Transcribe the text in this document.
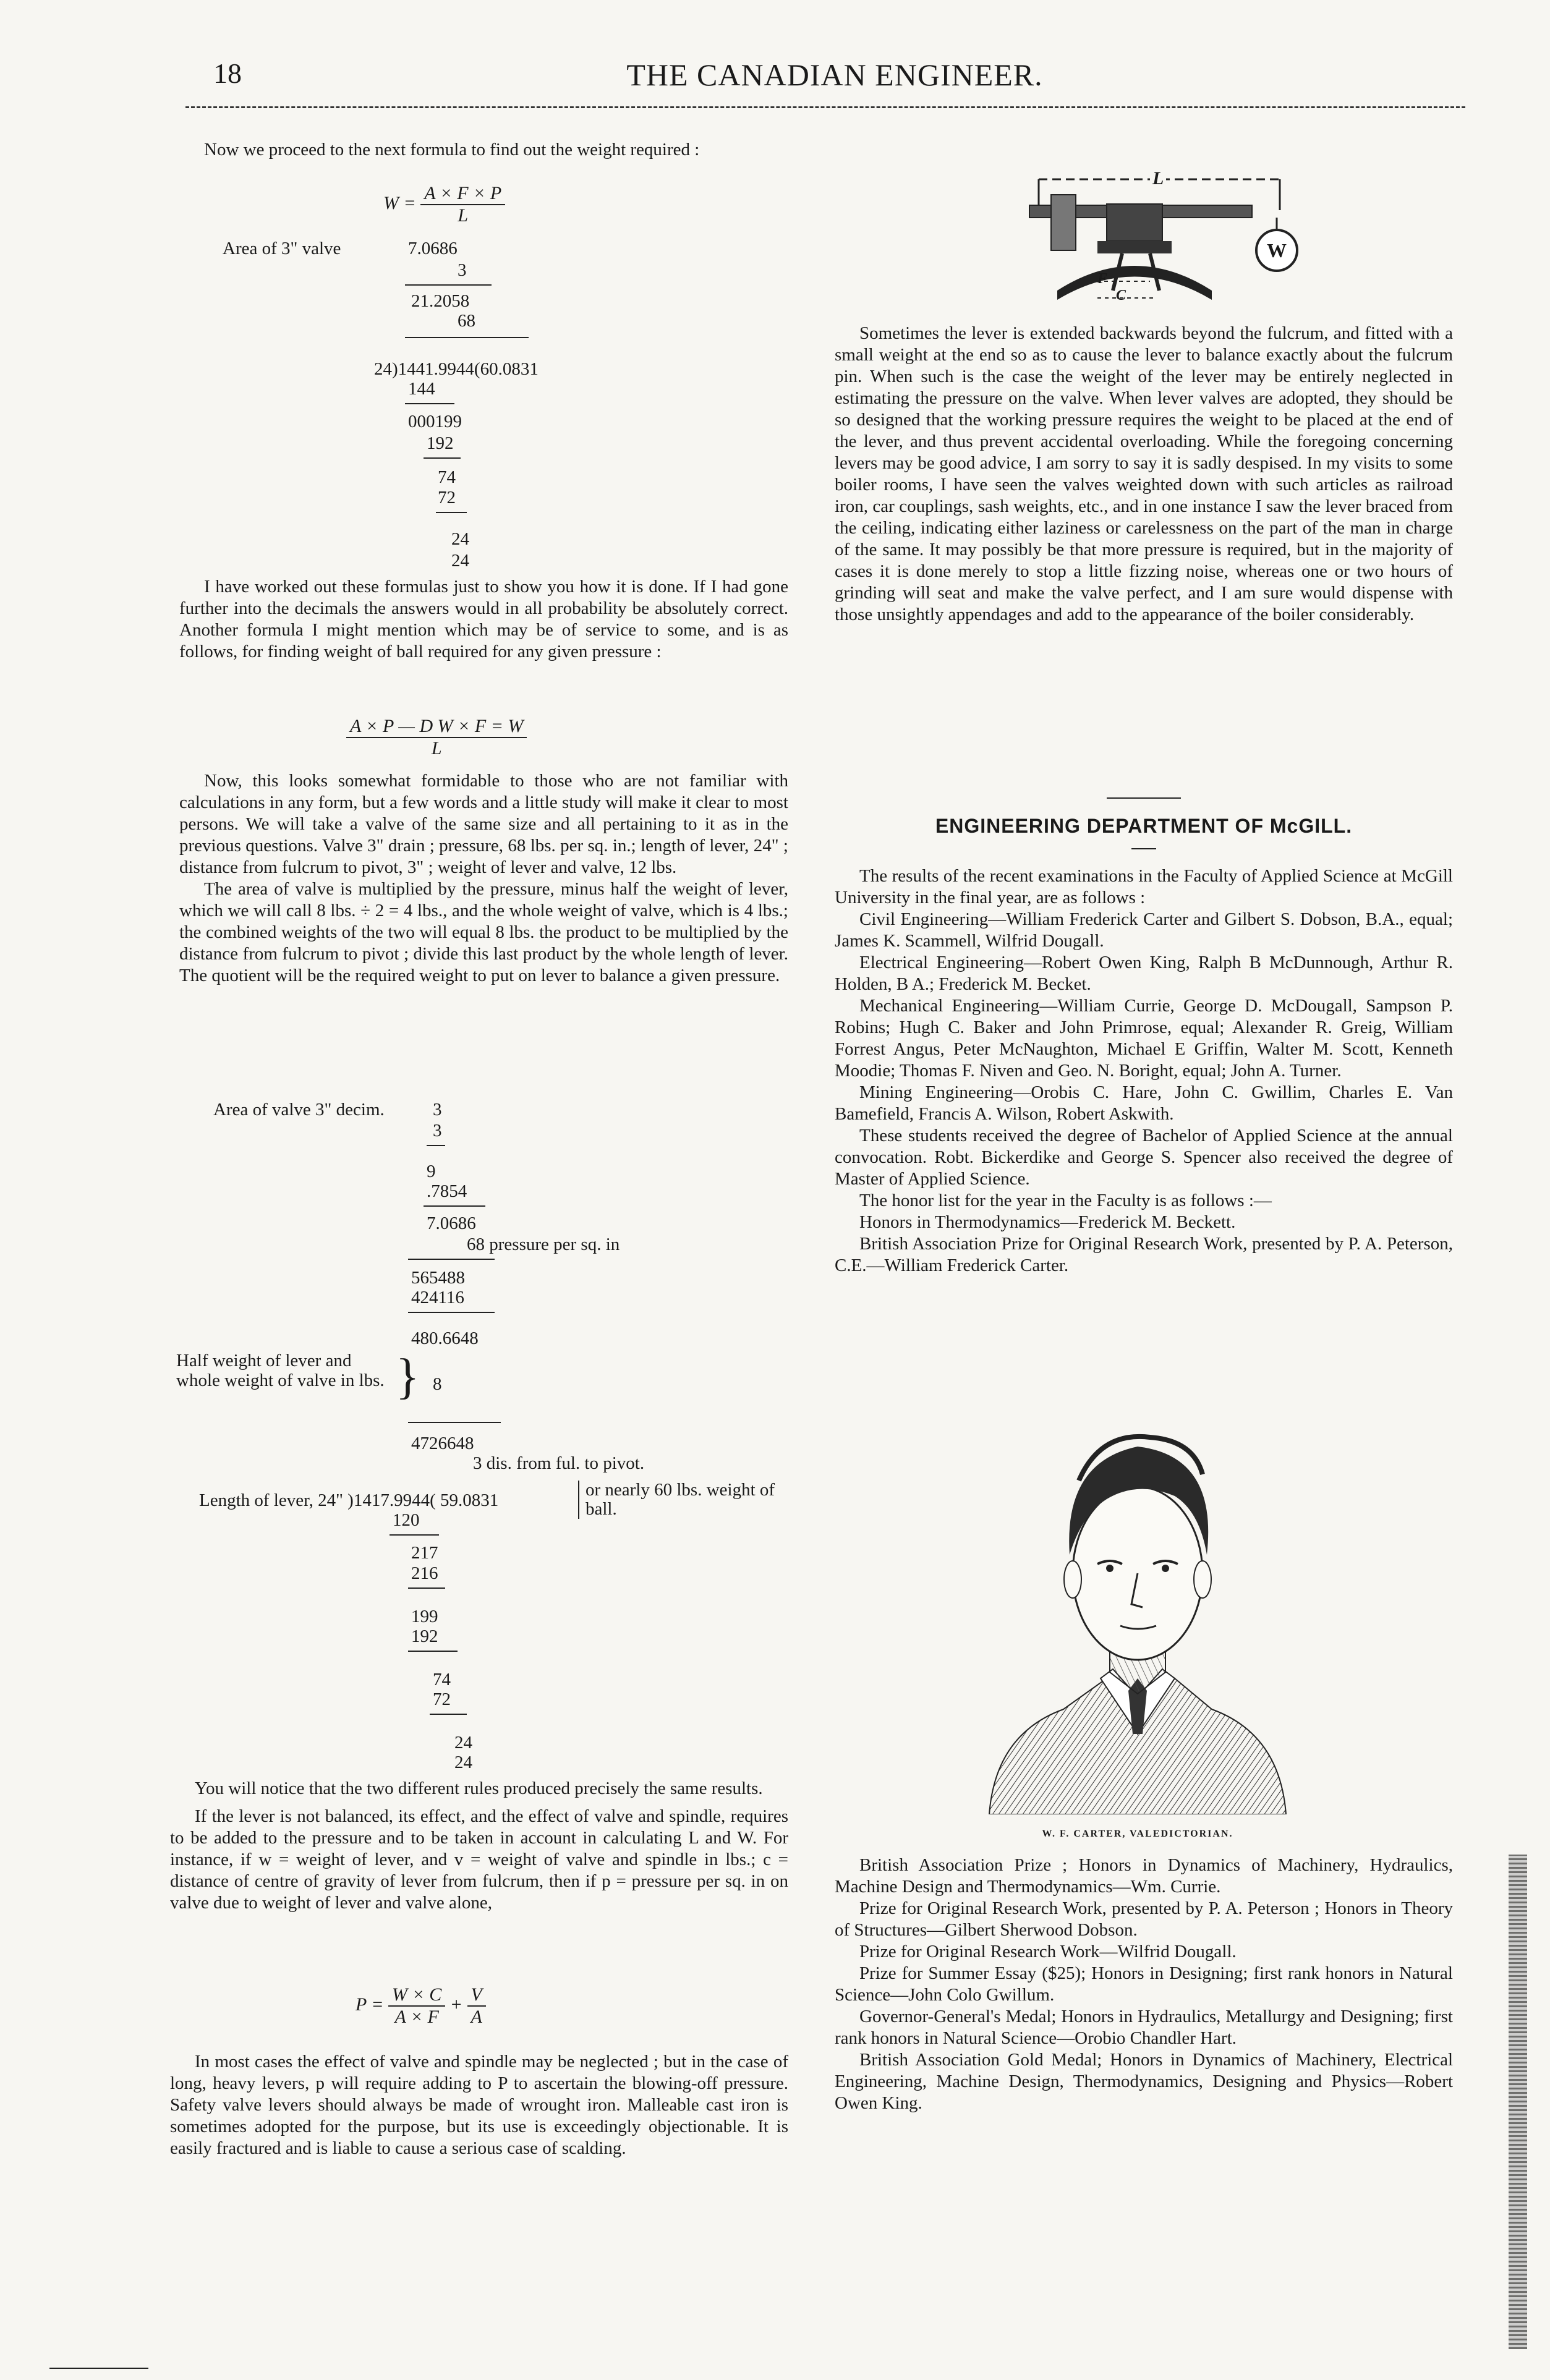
18	THE CANADIAN ENGINEER.

Now we proceed to the next formula to find out the weight required :

$W = \frac{A \times F \times P}{L}$
Area of 3" valve	7.0686
3
21.2058
68
24)1441.9944(60.0831
144
000199
192
74
72
24
24

I have worked out these formulas just to show you how it is done. If I had gone further into the decimals the answers would in all probability be absolutely correct. Another formula I might mention which may be of service to some, and is as follows, for finding weight of ball required for any given pressure :

$\frac{\text{A × P — D W × F = W}}{L}$

Now, this looks somewhat formidable to those who are not familiar with calculations in any form, but a few words and a little study will make it clear to most persons. We will take a valve of the same size and all pertaining to it as in the previous questions. Valve 3" drain ; pressure, 68 lbs. per sq. in.; length of lever, 24" ; distance from fulcrum to pivot, 3" ; weight of lever and valve, 12 lbs.

The area of valve is multiplied by the pressure, minus half the weight of lever, which we will call 8 lbs. ÷ 2 = 4 lbs., and the whole weight of valve, which is 4 lbs.; the combined weights of the two will equal 8 lbs. the product to be multiplied by the distance from fulcrum to pivot ; divide this last product by the whole length of lever. The quotient will be the required weight to put on lever to balance a given pressure.

Area of valve 3" decim.	3
3
9
.7854
7.0686
68 pressure per sq. in
565488
424116
480.6648
Half weight of lever and whole weight of valve in lbs. } 8
4726648
3 dis. from ful. to pivot.
Length of lever, 24" )1417.9944( 59.0831
or nearly 60 lbs. weight of ball.
120
217
216
199
192
74
72
24
24

You will notice that the two different rules produced precisely the same results.

If the lever is not balanced, its effect, and the effect of valve and spindle, requires to be added to the pressure and to be taken in account in calculating L and W. For instance, if w = weight of lever, and v = weight of valve and spindle in lbs.; c = distance of centre of gravity of lever from fulcrum, then if p = pressure per sq. in on valve due to weight of lever and valve alone,

$P = \frac{W \times C}{A \times F} + \frac{V}{A}$

In most cases the effect of valve and spindle may be neglected ; but in the case of long, heavy levers, p will require adding to P to ascertain the blowing-off pressure. Safety valve levers should always be made of wrought iron. Malleable cast iron is sometimes adopted for the purpose, but its use is exceedingly objectionable. It is easily fractured and is liable to cause a serious case of scalding.

L
W
F
C

Sometimes the lever is extended backwards beyond the fulcrum, and fitted with a small weight at the end so as to cause the lever to balance exactly about the fulcrum pin. When such is the case the weight of the lever may be entirely neglected in estimating the pressure on the valve. When lever valves are adopted, they should be so designed that the working pressure requires the weight to be placed at the end of the lever, and thus prevent accidental overloading. While the foregoing concerning levers may be good advice, I am sorry to say it is sadly despised. In my visits to some boiler rooms, I have seen the valves weighted down with such articles as railroad iron, car couplings, sash weights, etc., and in one instance I saw the lever braced from the ceiling, indicating either laziness or carelessness on the part of the man in charge of the same. It may possibly be that more pressure is required, but in the majority of cases it is done merely to stop a little fizzing noise, whereas one or two hours of grinding will seat and make the valve perfect, and I am sure would dispense with those unsightly appendages and add to the appearance of the boiler considerably.

ENGINEERING DEPARTMENT OF McGILL.

The results of the recent examinations in the Faculty of Applied Science at McGill University in the final year, are as follows :

Civil Engineering—William Frederick Carter and Gilbert S. Dobson, B.A., equal; James K. Scammell, Wilfrid Dougall.

Electrical Engineering—Robert Owen King, Ralph B McDunnough, Arthur R. Holden, B A.; Frederick M. Becket.

Mechanical Engineering—William Currie, George D. McDougall, Sampson P. Robins; Hugh C. Baker and John Primrose, equal; Alexander R. Greig, William Forrest Angus, Peter McNaughton, Michael E Griffin, Walter M. Scott, Kenneth Moodie; Thomas F. Niven and Geo. N. Boright, equal; John A. Turner.

Mining Engineering—Orobis C. Hare, John C. Gwillim, Charles E. Van Bamefield, Francis A. Wilson, Robert Askwith.

These students received the degree of Bachelor of Applied Science at the annual convocation. Robt. Bickerdike and George S. Spencer also received the degree of Master of Applied Science.

The honor list for the year in the Faculty is as follows :—

Honors in Thermodynamics—Frederick M. Beckett.

British Association Prize for Original Research Work, presented by P. A. Peterson, C.E.—William Frederick Carter.

W. F. CARTER, VALEDICTORIAN.

British Association Prize ; Honors in Dynamics of Machinery, Hydraulics, Machine Design and Thermodynamics—Wm. Currie.

Prize for Original Research Work, presented by P. A. Peterson ; Honors in Theory of Structures—Gilbert Sherwood Dobson.

Prize for Original Research Work—Wilfrid Dougall.

Prize for Summer Essay ($25); Honors in Designing; first rank honors in Natural Science—John Colo Gwillum.

Governor-General's Medal; Honors in Hydraulics, Metallurgy and Designing; first rank honors in Natural Science—Orobio Chandler Hart.

British Association Gold Medal; Honors in Dynamics of Machinery, Electrical Engineering, Machine Design, Thermodynamics, Designing and Physics—Robert Owen King.
